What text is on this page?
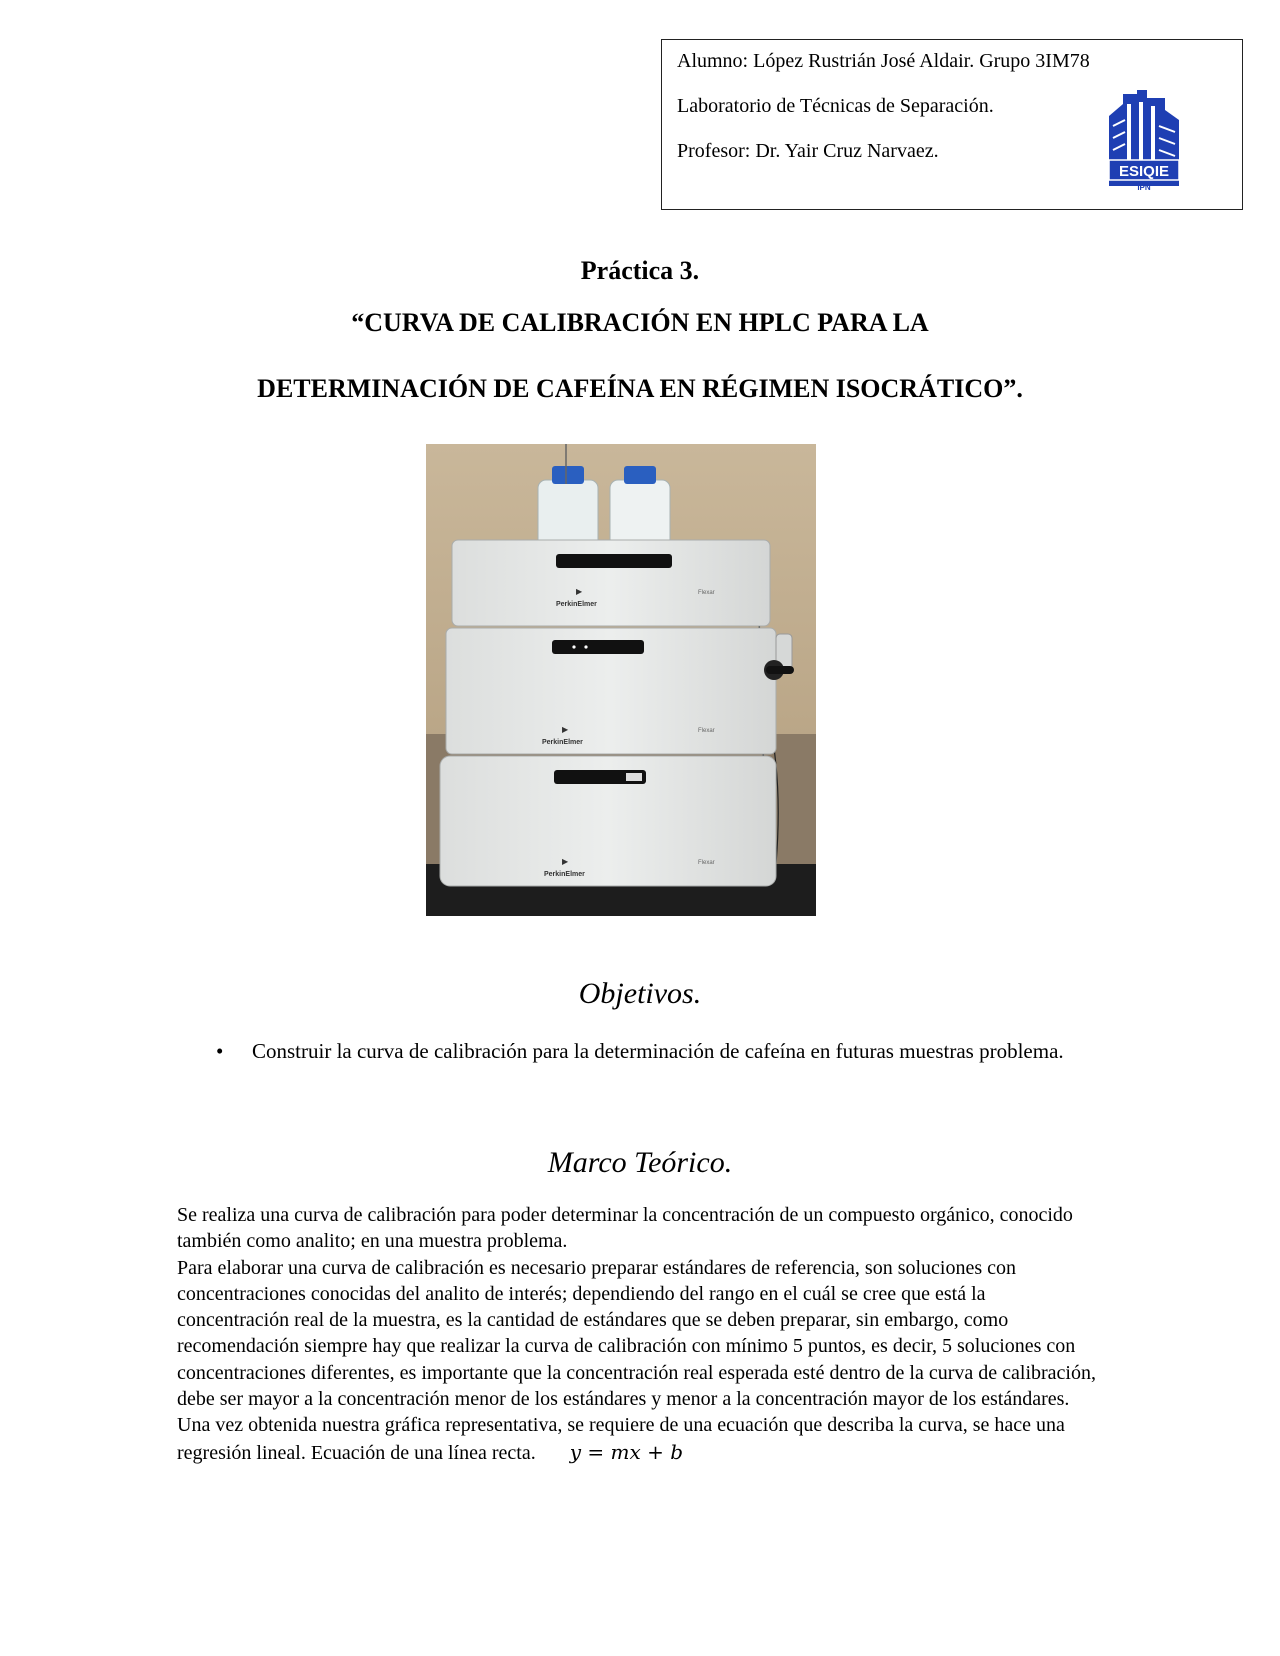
Alumno: López Rustrián José Aldair. Grupo 3IM78
Laboratorio de Técnicas de Separación.
Profesor: Dr. Yair Cruz Narvaez.
ESIQIE
IPN
Práctica 3.
“CURVA DE CALIBRACIÓN EN HPLC PARA LA
DETERMINACIÓN DE CAFEÍNA EN RÉGIMEN ISOCRÁTICO”.
▶
PerkinElmer
Flexar
▶
PerkinElmer
Flexar
▶
PerkinElmer
Flexar
Objetivos.
• Construir la curva de calibración para la determinación de cafeína en futuras muestras problema.
Marco Teórico.

Se realiza una curva de calibración para poder determinar la concentración de un compuesto orgánico, conocido también como analito; en una muestra problema.

Para elaborar una curva de calibración es necesario preparar estándares de referencia, son soluciones con concentraciones conocidas del analito de interés; dependiendo del rango en el cuál se cree que está la concentración real de la muestra, es la cantidad de estándares que se deben preparar, sin embargo, como recomendación siempre hay que realizar la curva de calibración con mínimo 5 puntos, es decir, 5 soluciones con concentraciones diferentes, es importante que la concentración real esperada esté dentro de la curva de calibración, debe ser mayor a la concentración menor de los estándares y menor a la concentración mayor de los estándares.

Una vez obtenida nuestra gráfica representativa, se requiere de una ecuación que describa la curva, se hace una regresión lineal. Ecuación de una línea recta. y = mx + b
